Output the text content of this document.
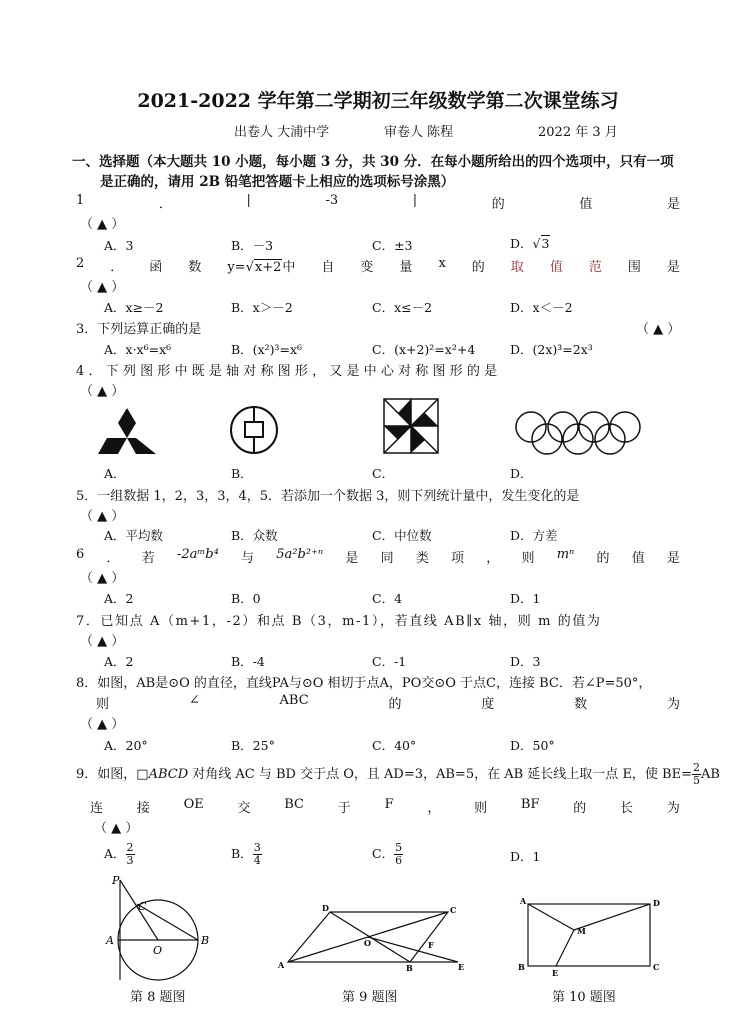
2021-2022 学年第二学期初三年级数学第二次课堂练习
出卷人 大浦中学	审卷人 陈程	2022 年 3 月
一、选择题（本大题共 10 小题，每小题 3 分，共 30 分．在每小题所给出的四个选项中，只有一项
是正确的，请用 2B 铅笔把答题卡上相应的选项标号涂黑）
1	．	|	-3	|	的	值	是
（ ▲ ）
A．3	B．－3	C．±3	D．√3
2 ． 函 数 y=√x+2中 自 变 量 x 的 取 值 范 围 是
（ ▲ ）
A．x≥－2	B．x＞－2	C．x≤－2	D．x＜－2
3．下列运算正确的是	（ ▲ ）
A．x·x⁶=x⁶	B．(x²)³=x⁶	C．(x+2)²=x²+4	D．(2x)³=2x³
4．下列图形中既是轴对称图形，又是中心对称图形的是
（ ▲ ）
A．	B．	C．	D．
5．一组数据 1，2，3，3，4，5．若添加一个数据 3，则下列统计量中，发生变化的是
（ ▲ ）
A．平均数	B．众数	C．中位数	D．方差
6 ． 若 -2aᵐb⁴ 与 5a²b²⁺ⁿ 是 同 类 项 ， 则 mⁿ 的 值 是
（ ▲ ）
A．2	B．0	C．4	D．1
7．已知点 A（m+1，-2）和点 B（3，m-1），若直线 AB∥x 轴，则 m 的值为
（ ▲ ）
A．2	B．-4	C．-1	D．3
8．如图，AB是⊙O 的直径，直线PA与⊙O 相切于点A，PO交⊙O 于点C，连接 BC．若∠P=50°，
则	∠	ABC	的	度	数	为
（ ▲ ）
A．20°	B．25°	C．40°	D．50°
9．如图，□ABCD 对角线 AC 与 BD 交于点 O，且 AD=3，AB=5，在 AB 延长线上取一点 E，使 $BE= \frac{2}{5}$ AB
连	接	OE	交	BC	于	F	，	则	BF	的	长	为
（ ▲ ）
A． $\frac{2}{3}$	B． $\frac{3}{4}$	C． $\frac{5}{6}$	D．1
P
C
A
O
B
第 8 题图
D	C
O	F
A	B	E
第 9 题图
A	D
M
B
E
C
第 10 题图
